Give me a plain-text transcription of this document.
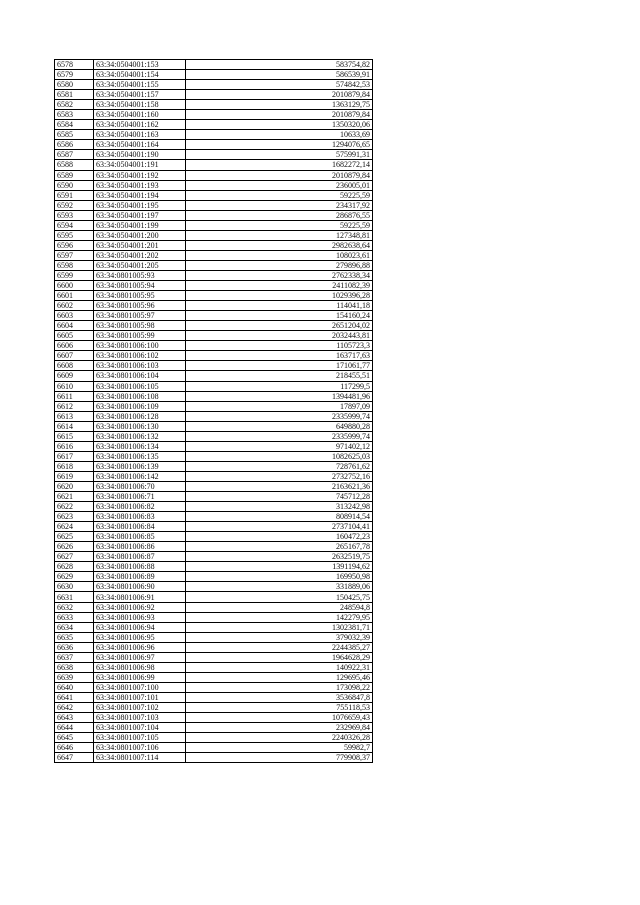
6578	63:34:0504001:153	583754,82
6579	63:34:0504001:154	586539,91
6580	63:34:0504001:155	574842,53
6581	63:34:0504001:157	2010879,84
6582	63:34:0504001:158	1363129,75
6583	63:34:0504001:160	2010879,84
6584	63:34:0504001:162	1350320,06
6585	63:34:0504001:163	10633,69
6586	63:34:0504001:164	1294076,65
6587	63:34:0504001:190	575991,31
6588	63:34:0504001:191	1682272,14
6589	63:34:0504001:192	2010879,84
6590	63:34:0504001:193	236005,01
6591	63:34:0504001:194	59225,59
6592	63:34:0504001:195	234317,92
6593	63:34:0504001:197	286876,55
6594	63:34:0504001:199	59225,59
6595	63:34:0504001:200	127348,81
6596	63:34:0504001:201	2982638,64
6597	63:34:0504001:202	108023,61
6598	63:34:0504001:205	279896,88
6599	63:34:0801005:93	2762338,34
6600	63:34:0801005:94	2411082,39
6601	63:34:0801005:95	1029396,28
6602	63:34:0801005:96	114041,18
6603	63:34:0801005:97	154160,24
6604	63:34:0801005:98	2651204,02
6605	63:34:0801005:99	2032443,81
6606	63:34:0801006:100	1105723,3
6607	63:34:0801006:102	163717,63
6608	63:34:0801006:103	171061,77
6609	63:34:0801006:104	218455,51
6610	63:34:0801006:105	117299,5
6611	63:34:0801006:108	1394481,96
6612	63:34:0801006:109	17897,09
6613	63:34:0801006:128	2335999,74
6614	63:34:0801006:130	649880,28
6615	63:34:0801006:132	2335999,74
6616	63:34:0801006:134	971402,12
6617	63:34:0801006:135	1082625,03
6618	63:34:0801006:139	728761,62
6619	63:34:0801006:142	2732752,16
6620	63:34:0801006:70	2163621,36
6621	63:34:0801006:71	745712,28
6622	63:34:0801006:82	313242,98
6623	63:34:0801006:83	808914,54
6624	63:34:0801006:84	2737104,41
6625	63:34:0801006:85	160472,23
6626	63:34:0801006:86	265167,78
6627	63:34:0801006:87	2632519,75
6628	63:34:0801006:88	1391194,62
6629	63:34:0801006:89	169950,98
6630	63:34:0801006:90	331889,06
6631	63:34:0801006:91	150425,75
6632	63:34:0801006:92	248594,8
6633	63:34:0801006:93	142279,95
6634	63:34:0801006:94	1302381,71
6635	63:34:0801006:95	379032,39
6636	63:34:0801006:96	2244385,27
6637	63:34:0801006:97	1964628,29
6638	63:34:0801006:98	140922,31
6639	63:34:0801006:99	129695,46
6640	63:34:0801007:100	173098,22
6641	63:34:0801007:101	3536847,8
6642	63:34:0801007:102	755118,53
6643	63:34:0801007:103	1076659,43
6644	63:34:0801007:104	232969,84
6645	63:34:0801007:105	2240326,28
6646	63:34:0801007:106	59982,7
6647	63:34:0801007:114	779908,37
